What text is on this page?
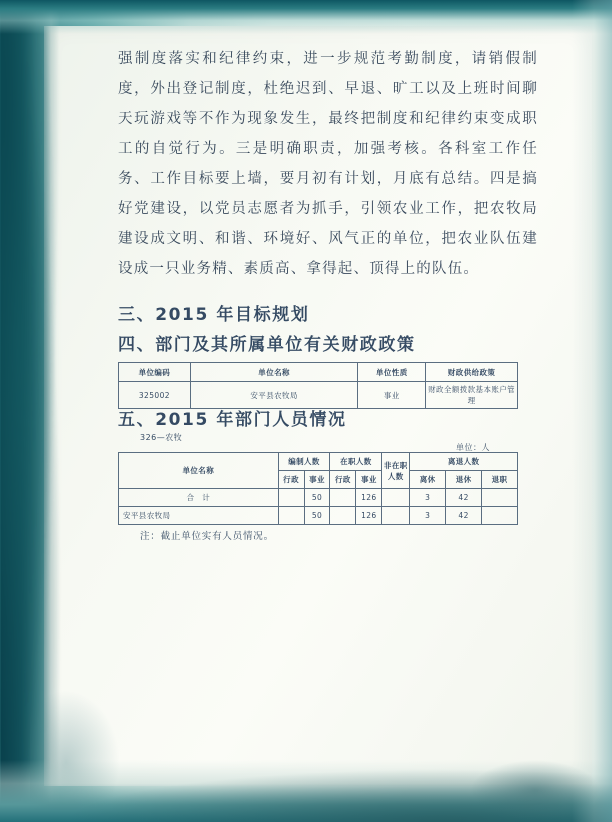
强制度落实和纪律约束，进一步规范考勤制度，请销假制度，外出登记制度，杜绝迟到、早退、旷工以及上班时间聊天玩游戏等不作为现象发生，最终把制度和纪律约束变成职工的自觉行为。三是明确职责，加强考核。各科室工作任务、工作目标要上墙，要月初有计划，月底有总结。四是搞好党建设，以党员志愿者为抓手，引领农业工作，把农牧局建设成文明、和谐、环境好、风气正的单位，把农业队伍建设成一只业务精、素质高、拿得起、顶得上的队伍。
三、2015 年目标规划
四、部门及其所属单位有关财政政策
单位编码	单位名称	单位性质	财政供给政策
325002	安平县农牧局	事业	财政全额拨款基本账户管理
五、2015 年部门人员情况
326—农牧
单位：人
单位名称	编制人数		在职人数		非在职人数	离退人数		
	行政	事业	行政	事业		离休	退休	退职
合　计		50		126		3	42	
安平县农牧局		50		126		3	42	
注：截止单位实有人员情况。
